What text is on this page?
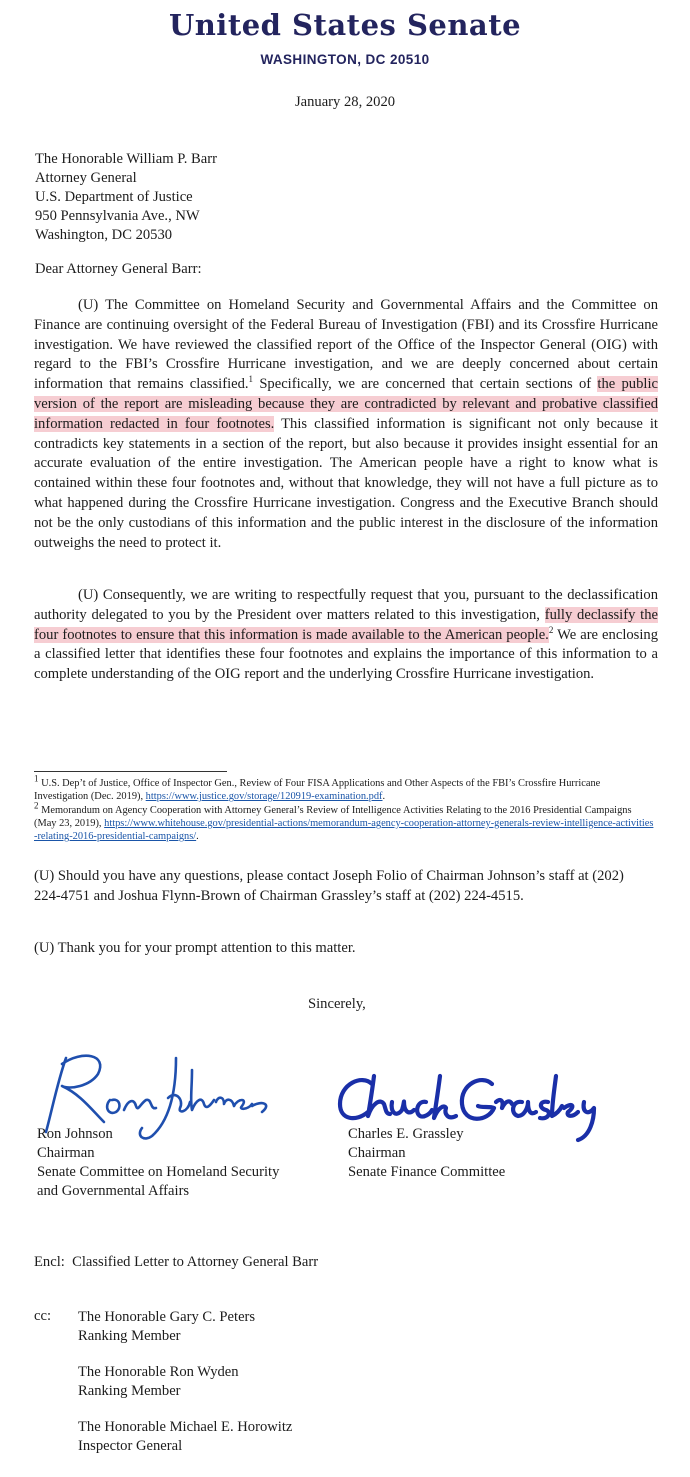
United States Senate
WASHINGTON, DC 20510
January 28, 2020
The Honorable William P. Barr
Attorney General
U.S. Department of Justice
950 Pennsylvania Ave., NW
Washington, DC 20530
Dear Attorney General Barr:

(U) The Committee on Homeland Security and Governmental Affairs and the Committee on Finance are continuing oversight of the Federal Bureau of Investigation (FBI) and its Crossfire Hurricane investigation. We have reviewed the classified report of the Office of the Inspector General (OIG) with regard to the FBI’s Crossfire Hurricane investigation, and we are deeply concerned about certain information that remains classified.$^1$ Specifically, we are concerned that certain sections of the public version of the report are misleading because they are contradicted by relevant and probative classified information redacted in four footnotes. This classified information is significant not only because it contradicts key statements in a section of the report, but also because it provides insight essential for an accurate evaluation of the entire investigation. The American people have a right to know what is contained within these four footnotes and, without that knowledge, they will not have a full picture as to what happened during the Crossfire Hurricane investigation. Congress and the Executive Branch should not be the only custodians of this information and the public interest in the disclosure of the information outweighs the need to protect it.

(U) Consequently, we are writing to respectfully request that you, pursuant to the declassification authority delegated to you by the President over matters related to this investigation, fully declassify the four footnotes to ensure that this information is made available to the American people.$^2$ We are enclosing a classified letter that identifies these four footnotes and explains the importance of this information to a complete understanding of the OIG report and the underlying Crossfire Hurricane investigation.

$^1$ U.S. Dep’t of Justice, Office of Inspector Gen., Review of Four FISA Applications and Other Aspects of the FBI’s Crossfire Hurricane Investigation (Dec. 2019), https://www.justice.gov/storage/120919-examination.pdf.
$^2$ Memorandum on Agency Cooperation with Attorney General’s Review of Intelligence Activities Relating to the 2016 Presidential Campaigns (May 23, 2019), https://www.whitehouse.gov/presidential-actions/memorandum-agency-cooperation-attorney-generals-review-intelligence-activities-relating-2016-presidential-campaigns/.

(U) Should you have any questions, please contact Joseph Folio of Chairman Johnson’s staff at (202) 224-4751 and Joshua Flynn-Brown of Chairman Grassley’s staff at (202) 224-4515.

(U) Thank you for your prompt attention to this matter.

Sincerely,
Ron Johnson
Chairman
Senate Committee on Homeland Security
and Governmental Affairs
Charles E. Grassley
Chairman
Senate Finance Committee
Encl: Classified Letter to Attorney General Barr
cc: The Honorable Gary C. Peters
Ranking Member
The Honorable Ron Wyden
Ranking Member
The Honorable Michael E. Horowitz
Inspector General
